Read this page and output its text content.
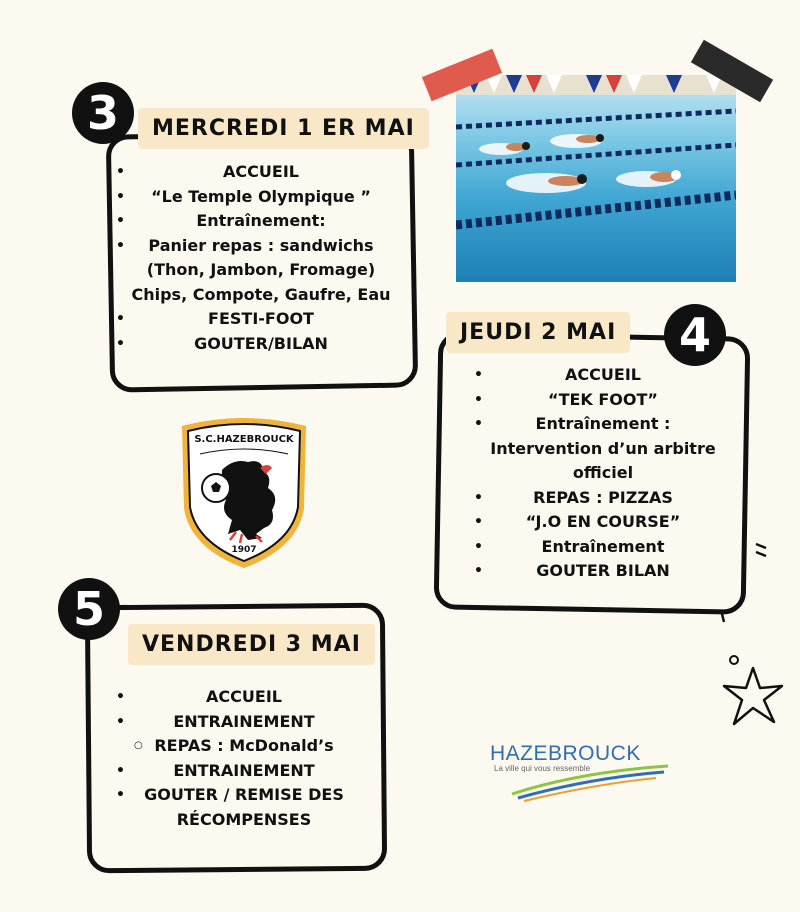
3	MERCREDI 1 ER MAI
• ACCUEIL
• “Le Temple Olympique ”
• Entraînement:
• Panier repas : sandwichs
(Thon, Jambon, Fromage)
Chips, Compote, Gaufre, Eau
• FESTI-FOOT
• GOUTER/BILAN
S.C.HAZEBROUCK
1907
4
JEUDI 2 MAI
• ACCUEIL
• “TEK FOOT”
• Entraînement :
Intervention d’un arbitre
officiel
• REPAS : PIZZAS
• “J.O EN COURSE”
• Entraînement
• GOUTER BILAN
5
VENDREDI 3 MAI
• ACCUEIL
• ENTRAINEMENT
○ REPAS : McDonald’s
• ENTRAINEMENT
• GOUTER / REMISE DES
RÉCOMPENSES
HAZEBROUCK
La ville qui vous ressemble
